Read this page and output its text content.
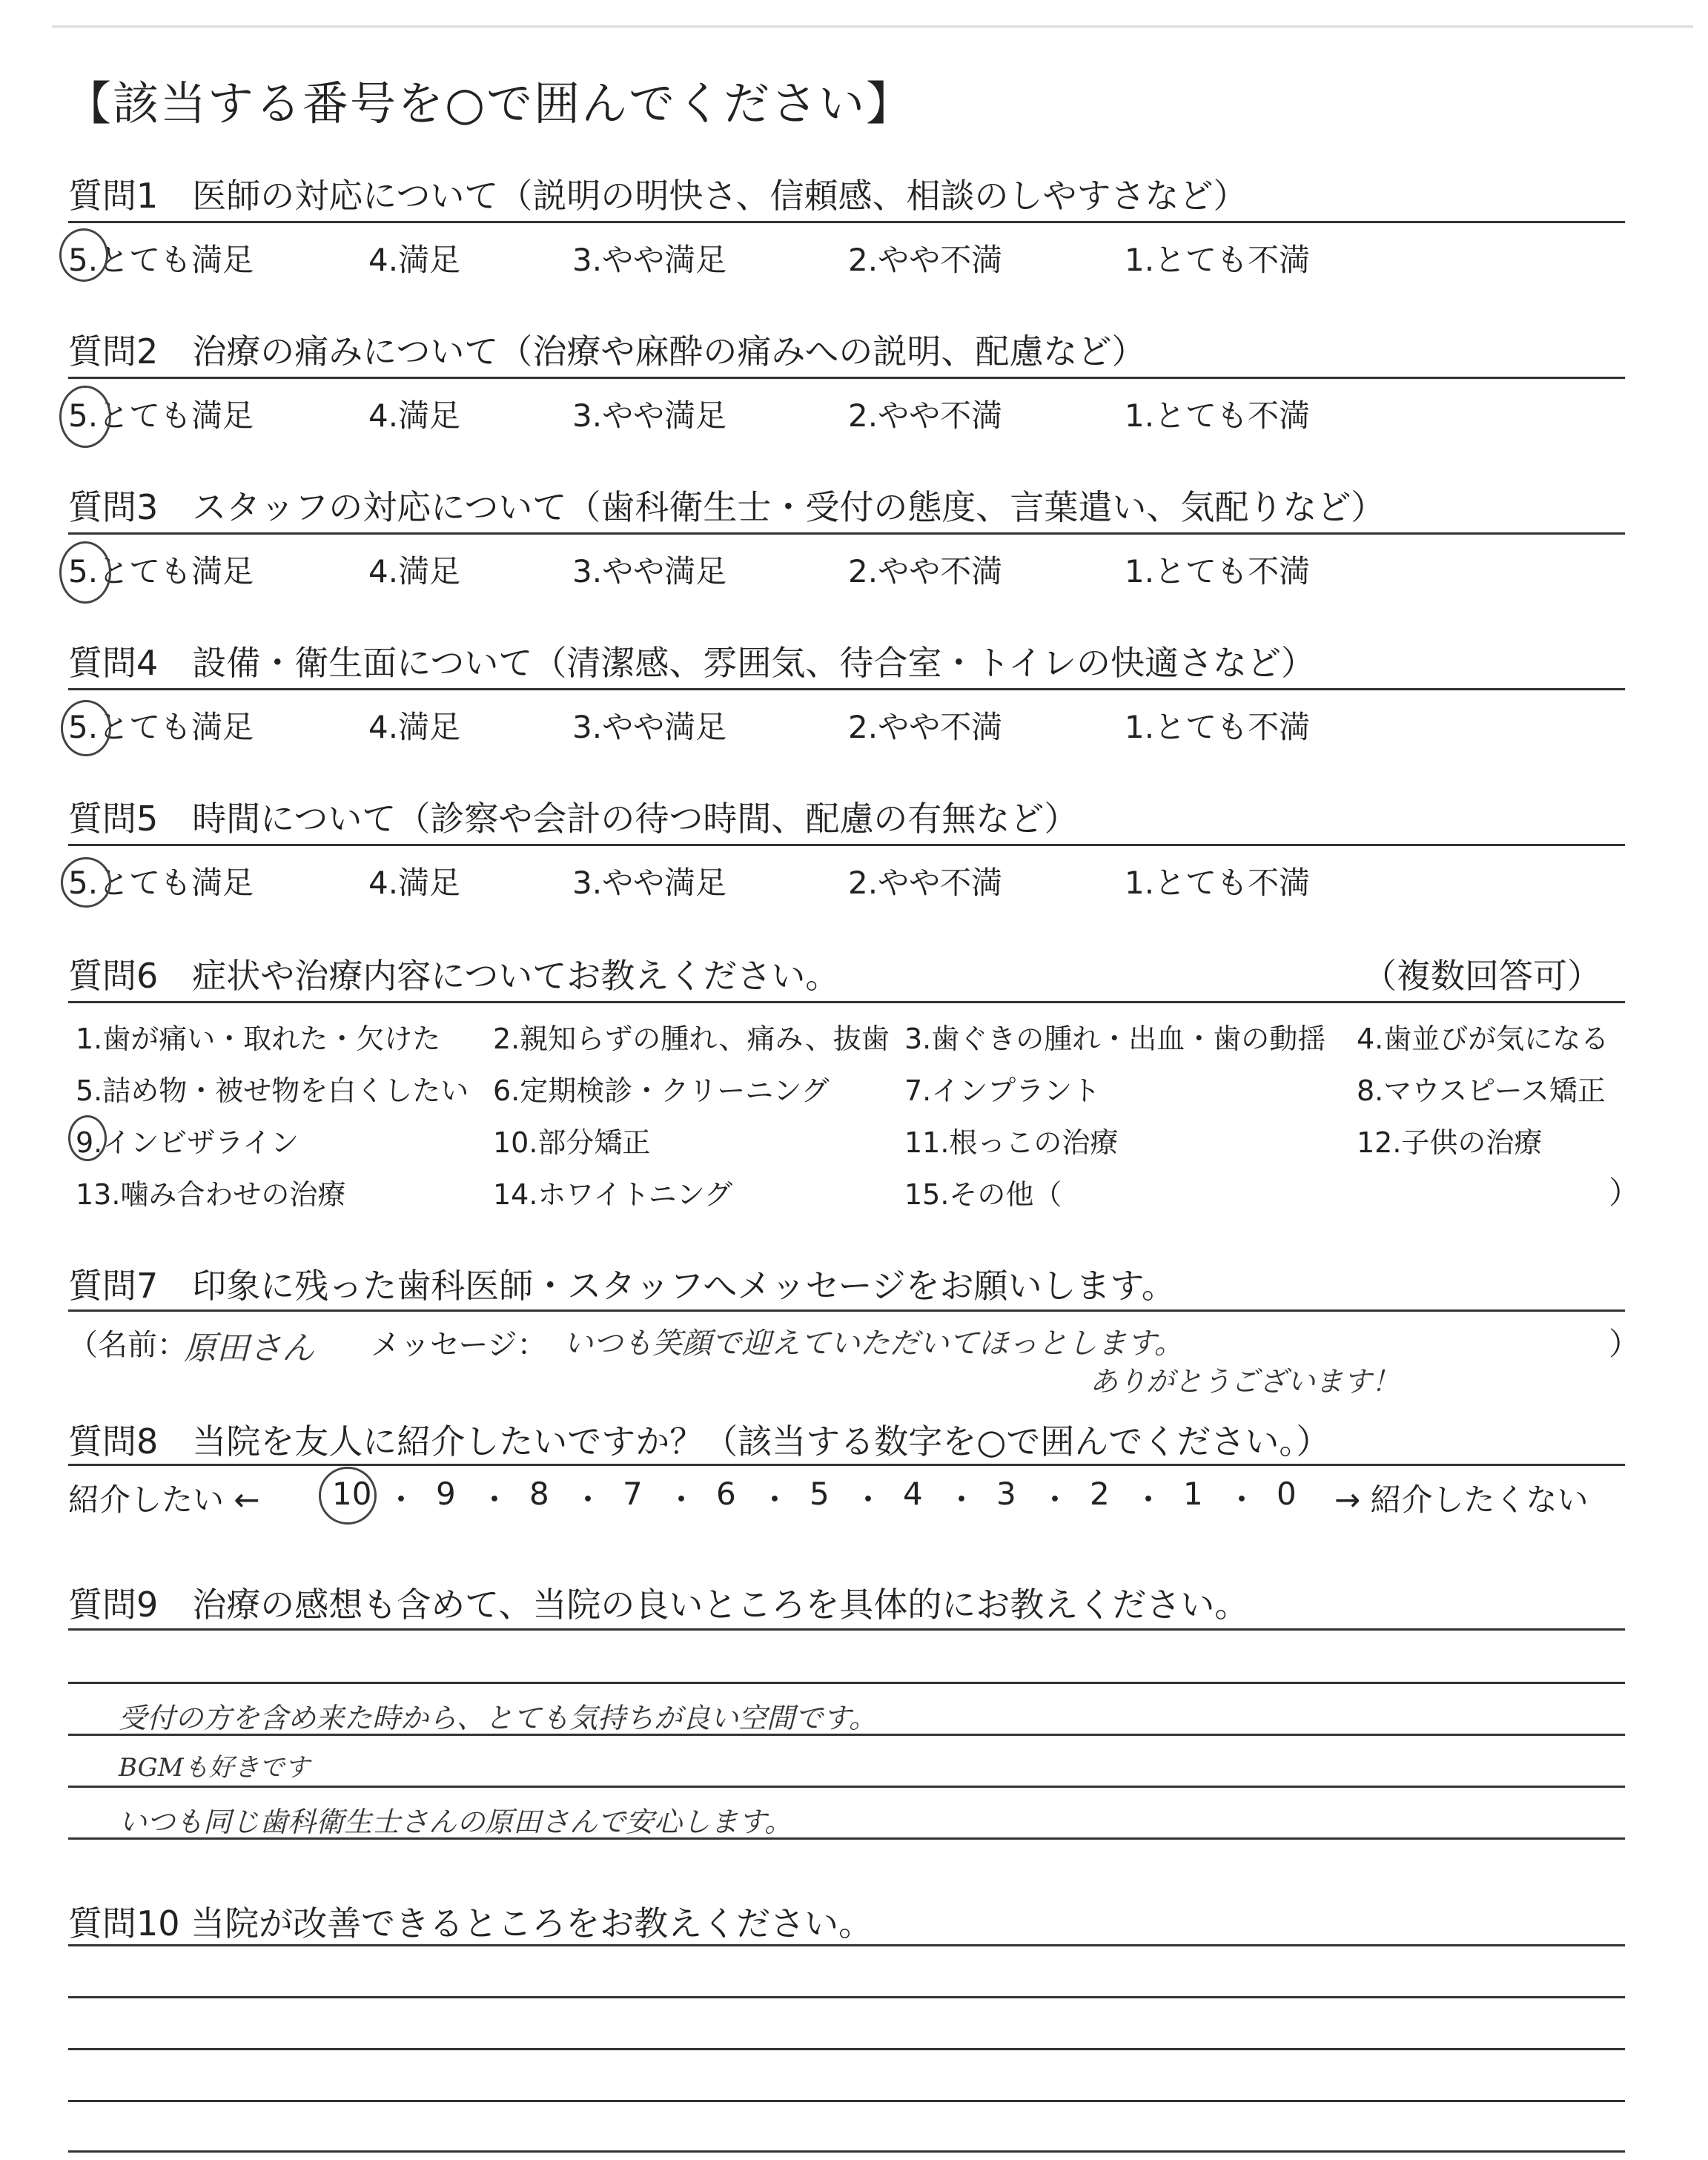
【該当する番号を○で囲んでください】
質問1　医師の対応について（説明の明快さ、信頼感、相談のしやすさなど）
5.とても満足	4.満足	3.やや満足	2.やや不満	1.とても不満
質問2　治療の痛みについて（治療や麻酔の痛みへの説明、配慮など）
5.とても満足	4.満足	3.やや満足	2.やや不満	1.とても不満
質問3　スタッフの対応について（歯科衛生士・受付の態度、言葉遣い、気配りなど）
5.とても満足	4.満足	3.やや満足	2.やや不満	1.とても不満
質問4　設備・衛生面について（清潔感、雰囲気、待合室・トイレの快適さなど）
5.とても満足	4.満足	3.やや満足	2.やや不満	1.とても不満
質問5　時間について（診察や会計の待つ時間、配慮の有無など）
5.とても満足	4.満足	3.やや満足	2.やや不満	1.とても不満
質問6　症状や治療内容についてお教えください。	（複数回答可）
1.歯が痛い・取れた・欠けた 2.親知らずの腫れ、痛み、抜歯 3.歯ぐきの腫れ・出血・歯の動揺 4.歯並びが気になる
5.詰め物・被せ物を白くしたい 6.定期検診・クリーニング	7.インプラント	8.マウスピース矯正
9.インビザライン	10.部分矯正	11.根っこの治療	12.子供の治療
13.噛み合わせの治療	14.ホワイトニング	15.その他（	）
質問7　印象に残った歯科医師・スタッフへメッセージをお願いします。
（名前：
原田さん メッセージ： いつも笑顔で迎えていただいてほっとします。
ありがとうございます！
）
質問8　当院を友人に紹介したいですか？（該当する数字を○で囲んでください。）
紹介したい ← 10 ・ 9 ・ 8 ・ 7 ・ 6 ・ 5 ・ 4 ・ 3 ・ 2 ・ 1 ・ 0 → 紹介したくない
質問9　治療の感想も含めて、当院の良いところを具体的にお教えください。
受付の方を含め来た時から、とても気持ちが良い空間です。
BGMも好きです
いつも同じ歯科衛生士さんの原田さんで安心します。
質問10 当院が改善できるところをお教えください。
